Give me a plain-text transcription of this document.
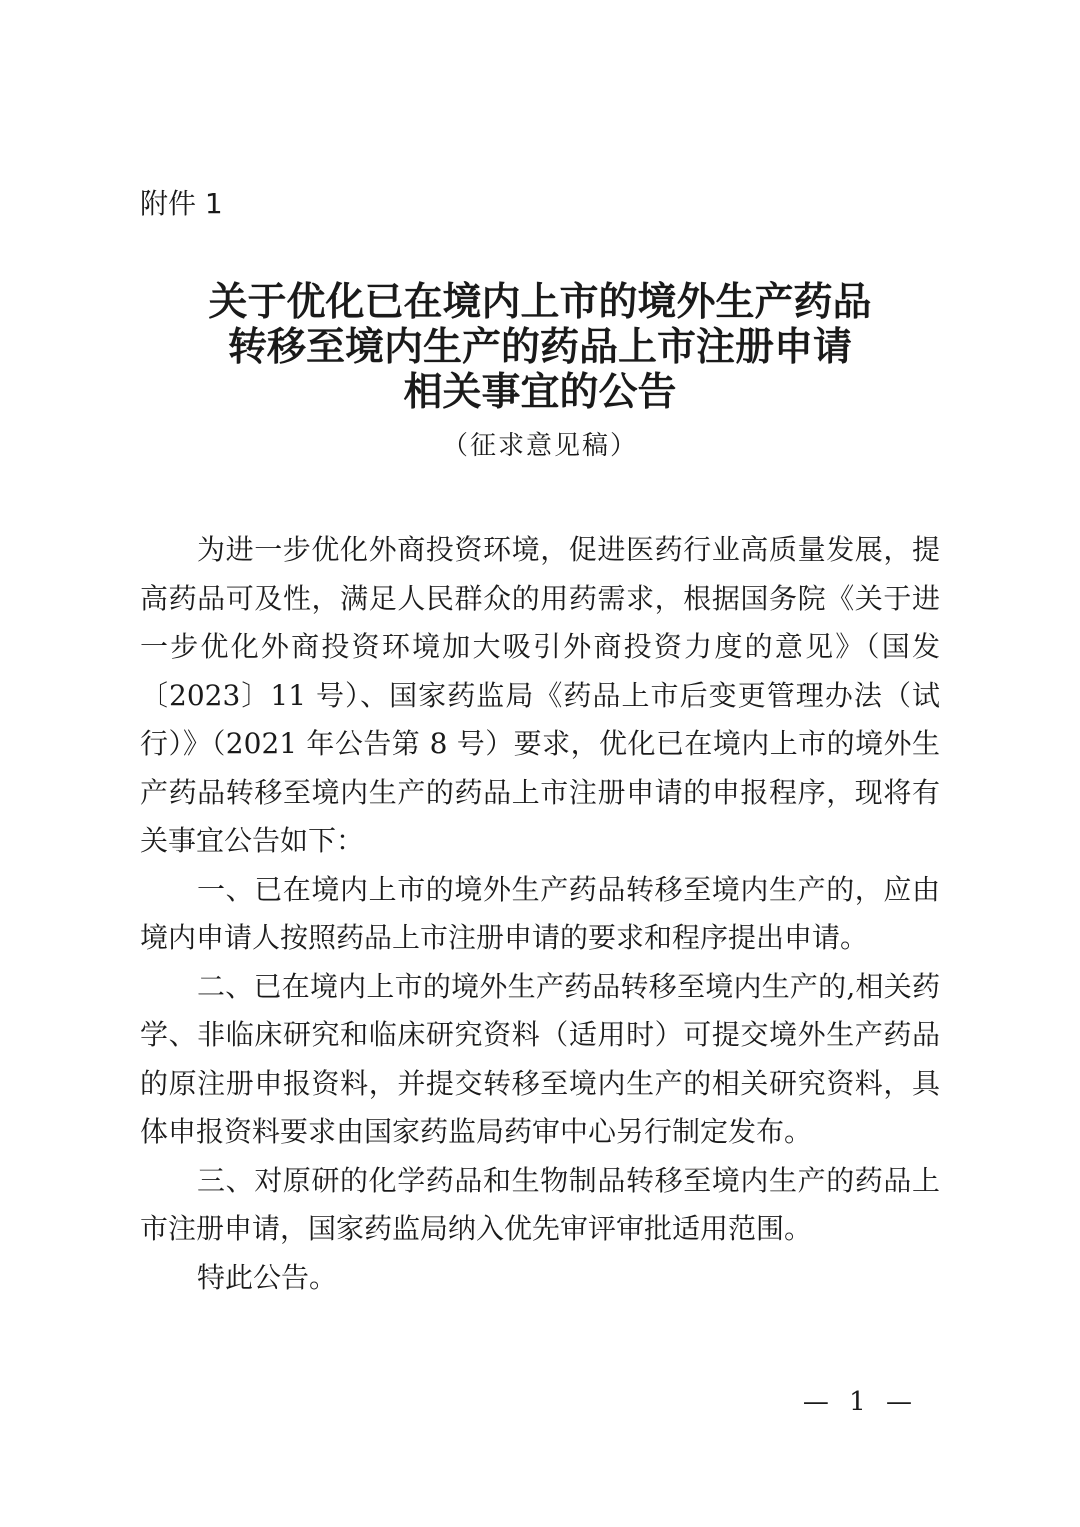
附件 1
关于优化已在境内上市的境外生产药品
转移至境内生产的药品上市注册申请
相关事宜的公告
（征求意见稿）

为进一步优化外商投资环境，促进医药行业高质量发展，提高药品可及性，满足人民群众的用药需求，根据国务院《关于进一步优化外商投资环境加大吸引外商投资力度的意见》（国发〔2023〕11 号）、国家药监局《药品上市后变更管理办法（试行）》（2021 年公告第 8 号）要求，优化已在境内上市的境外生产药品转移至境内生产的药品上市注册申请的申报程序，现将有关事宜公告如下：

一、已在境内上市的境外生产药品转移至境内生产的，应由境内申请人按照药品上市注册申请的要求和程序提出申请。

二、已在境内上市的境外生产药品转移至境内生产的,相关药学、非临床研究和临床研究资料（适用时）可提交境外生产药品的原注册申报资料，并提交转移至境内生产的相关研究资料，具体申报资料要求由国家药监局药审中心另行制定发布。

三、对原研的化学药品和生物制品转移至境内生产的药品上市注册申请，国家药监局纳入优先审评审批适用范围。

特此公告。

— 1 —
